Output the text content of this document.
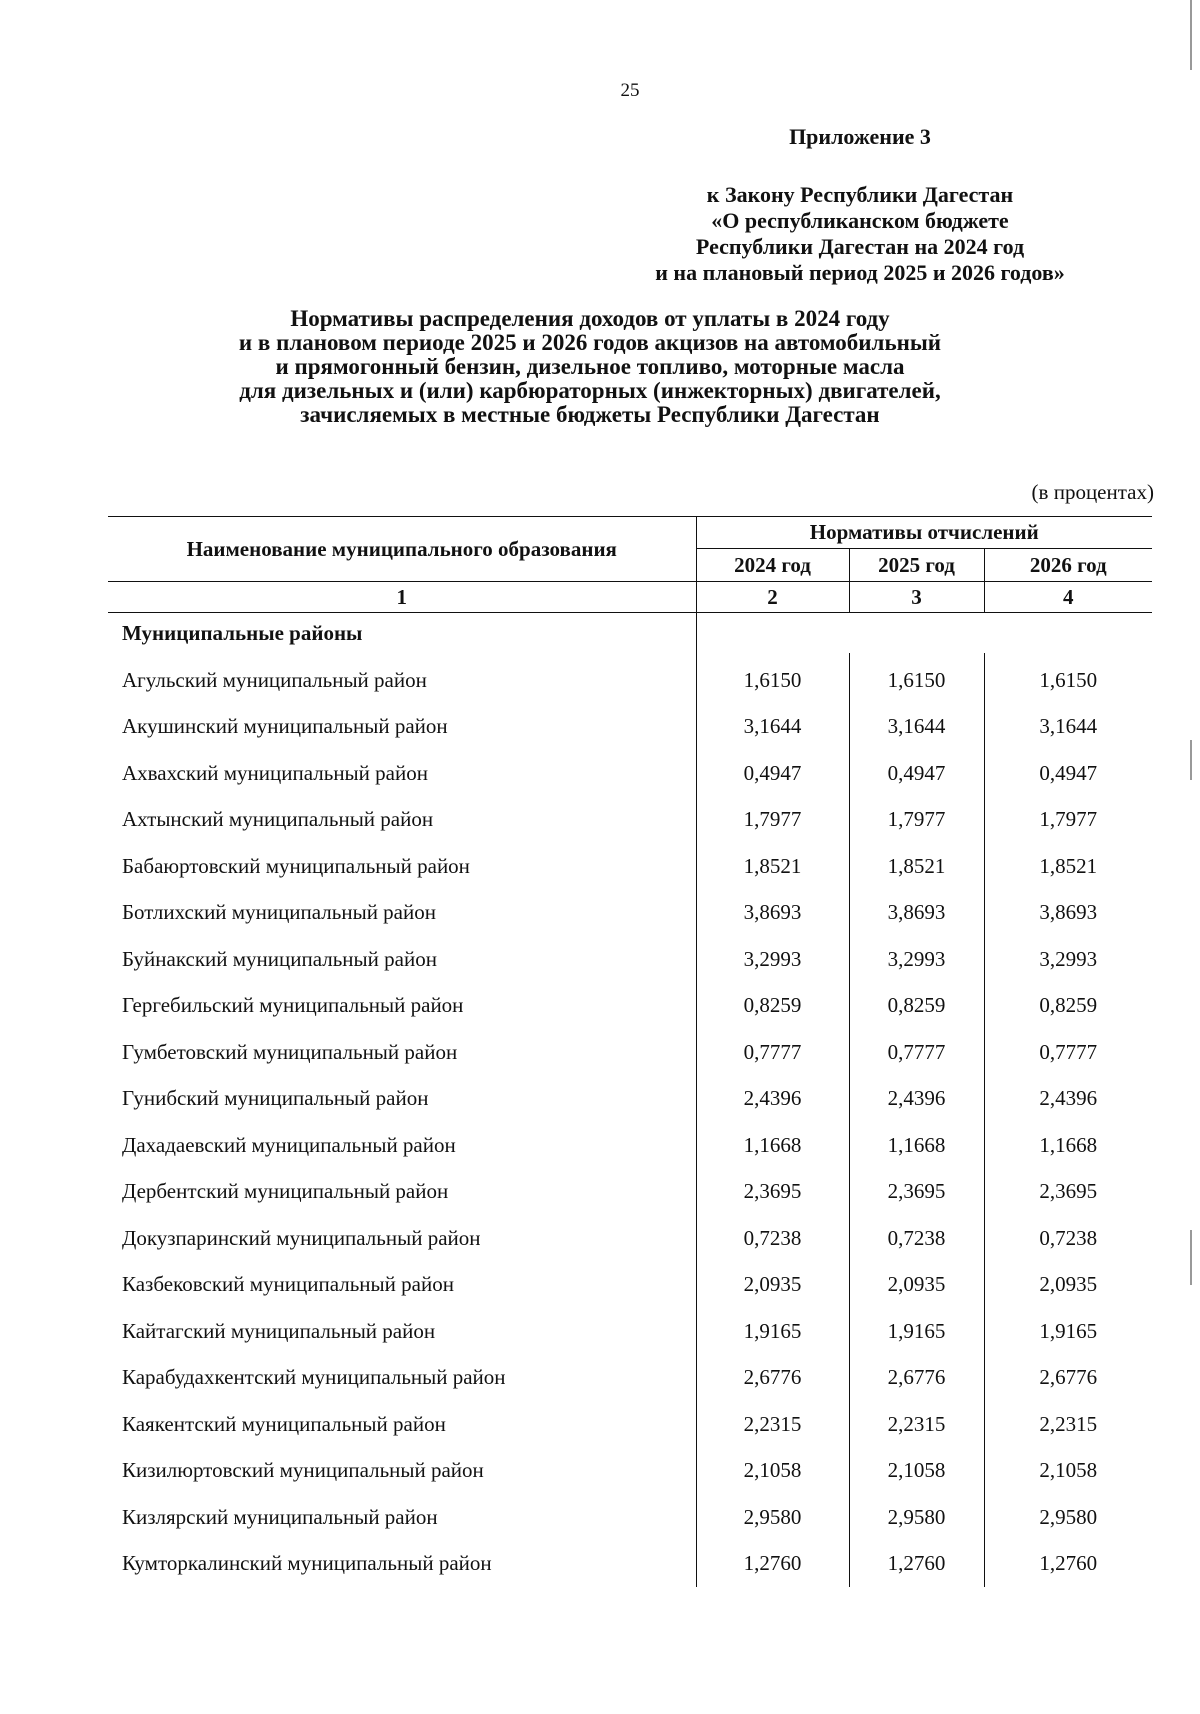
25
Приложение 3
к Закону Республики Дагестан
«О республиканском бюджете
Республики Дагестан на 2024 год
и на плановый период 2025 и 2026 годов»
Нормативы распределения доходов от уплаты в 2024 году
и в плановом периоде 2025 и 2026 годов акцизов на автомобильный
и прямогонный бензин, дизельное топливо, моторные масла
для дизельных и (или) карбюраторных (инжекторных) двигателей,
зачисляемых в местные бюджеты Республики Дагестан
(в процентах)
Наименование муниципального образования	Нормативы отчислений		
	2024 год	2025 год	2026 год
1	2	3	4
Муниципальные районы			
Агульский муниципальный район	1,6150	1,6150	1,6150
Акушинский муниципальный район	3,1644	3,1644	3,1644
Ахвахский муниципальный район	0,4947	0,4947	0,4947
Ахтынский муниципальный район	1,7977	1,7977	1,7977
Бабаюртовский муниципальный район	1,8521	1,8521	1,8521
Ботлихский муниципальный район	3,8693	3,8693	3,8693
Буйнакский муниципальный район	3,2993	3,2993	3,2993
Гергебильский муниципальный район	0,8259	0,8259	0,8259
Гумбетовский муниципальный район	0,7777	0,7777	0,7777
Гунибский муниципальный район	2,4396	2,4396	2,4396
Дахадаевский муниципальный район	1,1668	1,1668	1,1668
Дербентский муниципальный район	2,3695	2,3695	2,3695
Докузпаринский муниципальный район	0,7238	0,7238	0,7238
Казбековский муниципальный район	2,0935	2,0935	2,0935
Кайтагский муниципальный район	1,9165	1,9165	1,9165
Карабудахкентский муниципальный район	2,6776	2,6776	2,6776
Каякентский муниципальный район	2,2315	2,2315	2,2315
Кизилюртовский муниципальный район	2,1058	2,1058	2,1058
Кизлярский муниципальный район	2,9580	2,9580	2,9580
Кумторкалинский муниципальный район	1,2760	1,2760	1,2760
